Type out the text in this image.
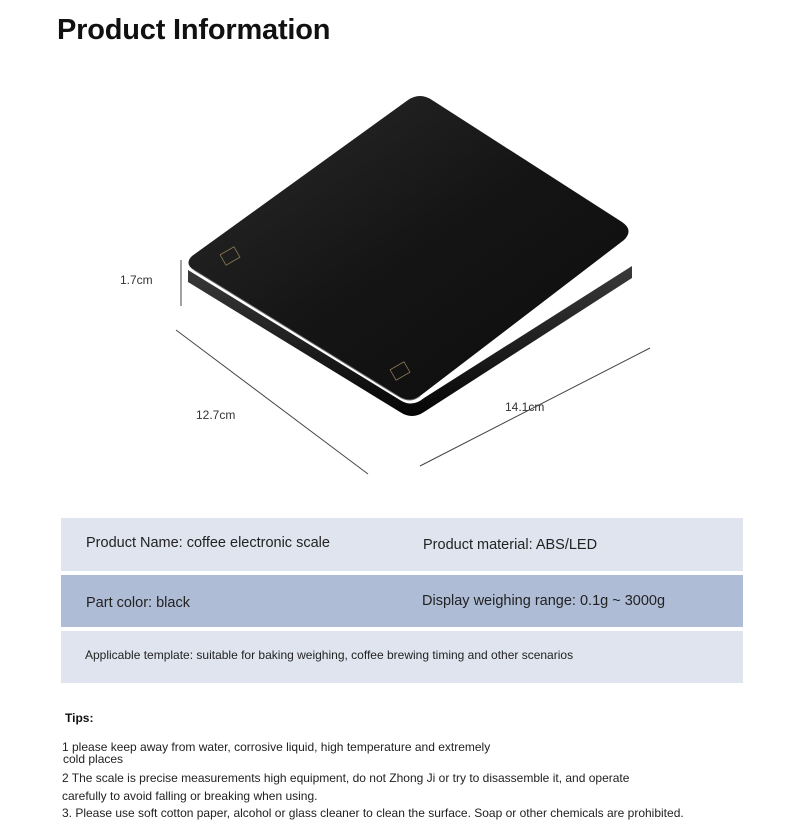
Product Information
1.7cm
12.7cm
14.1cm
Product Name: coffee electronic scale	Product material: ABS/LED
Part color: black	Display weighing range: 0.1g ~ 3000g
Applicable template: suitable for baking weighing, coffee brewing timing and other scenarios
Tips:
1 please keep away from water, corrosive liquid, high temperature and extremely
cold places
2 The scale is precise measurements high equipment, do not Zhong Ji or try to disassemble it, and operate
carefully to avoid falling or breaking when using.
3. Please use soft cotton paper, alcohol or glass cleaner to clean the surface. Soap or other chemicals are prohibited.
